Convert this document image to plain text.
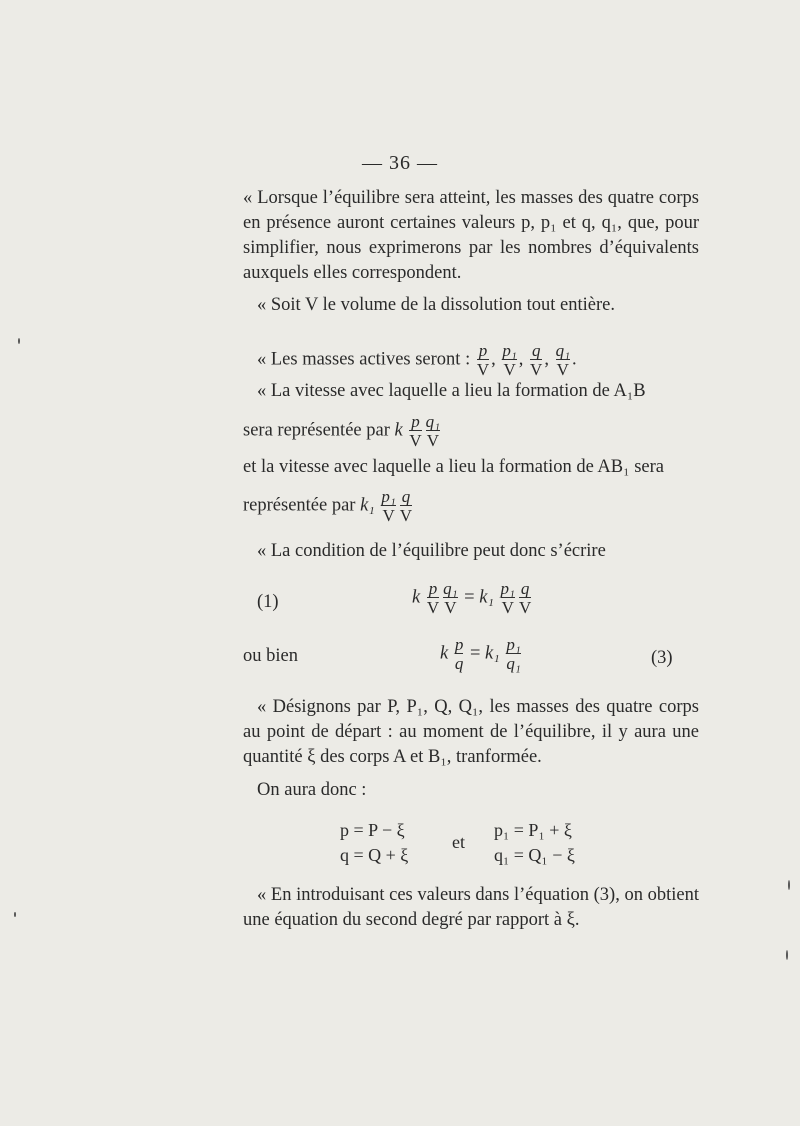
— 36 —
« Lorsque l’équilibre sera atteint, les masses des quatre corps en présence auront certaines valeurs p, p₁ et q, q₁, que, pour simplifier, nous exprimerons par les nombres d’équivalents auxquels elles correspondent.
« Soit V le volume de la dissolution tout entière.
« Les masses actives seront : $\frac{p}{V}$ , $\frac{\text{p₁}}{V}$ , $\frac{q}{V}$ , $\frac{\text{q₁}}{V}$ .
« La vitesse avec laquelle a lieu la formation de A₁B
sera représentée par k $\frac{p}{V} \frac{\text{q₁}}{V}$
et la vitesse avec laquelle a lieu la formation de AB₁ sera
représentée par $k_1 \frac{\text{p₁}}{V} \frac{q}{V}$
« La condition de l’équilibre peut donc s’écrire
(1)	k $\frac{p}{V} \frac{\text{q₁}}{V} = k_1 \frac{\text{p₁}}{V} \frac{q}{V}$
ou bien	k $\frac{p}{q} = k_1 \frac{\text{p₁}}{\text{q₁}}$	(3)
« Désignons par P, P₁, Q, Q₁, les masses des quatre corps au point de départ : au moment de l’équilibre, il y aura une quantité ξ des corps A et B₁, tranformée.
On aura donc :
p = P − ξ
q = Q + ξ
et
p₁ = P₁ + ξ
q₁ = Q₁ − ξ
« En introduisant ces valeurs dans l’équation (3), on obtient une équation du second degré par rapport à ξ.
